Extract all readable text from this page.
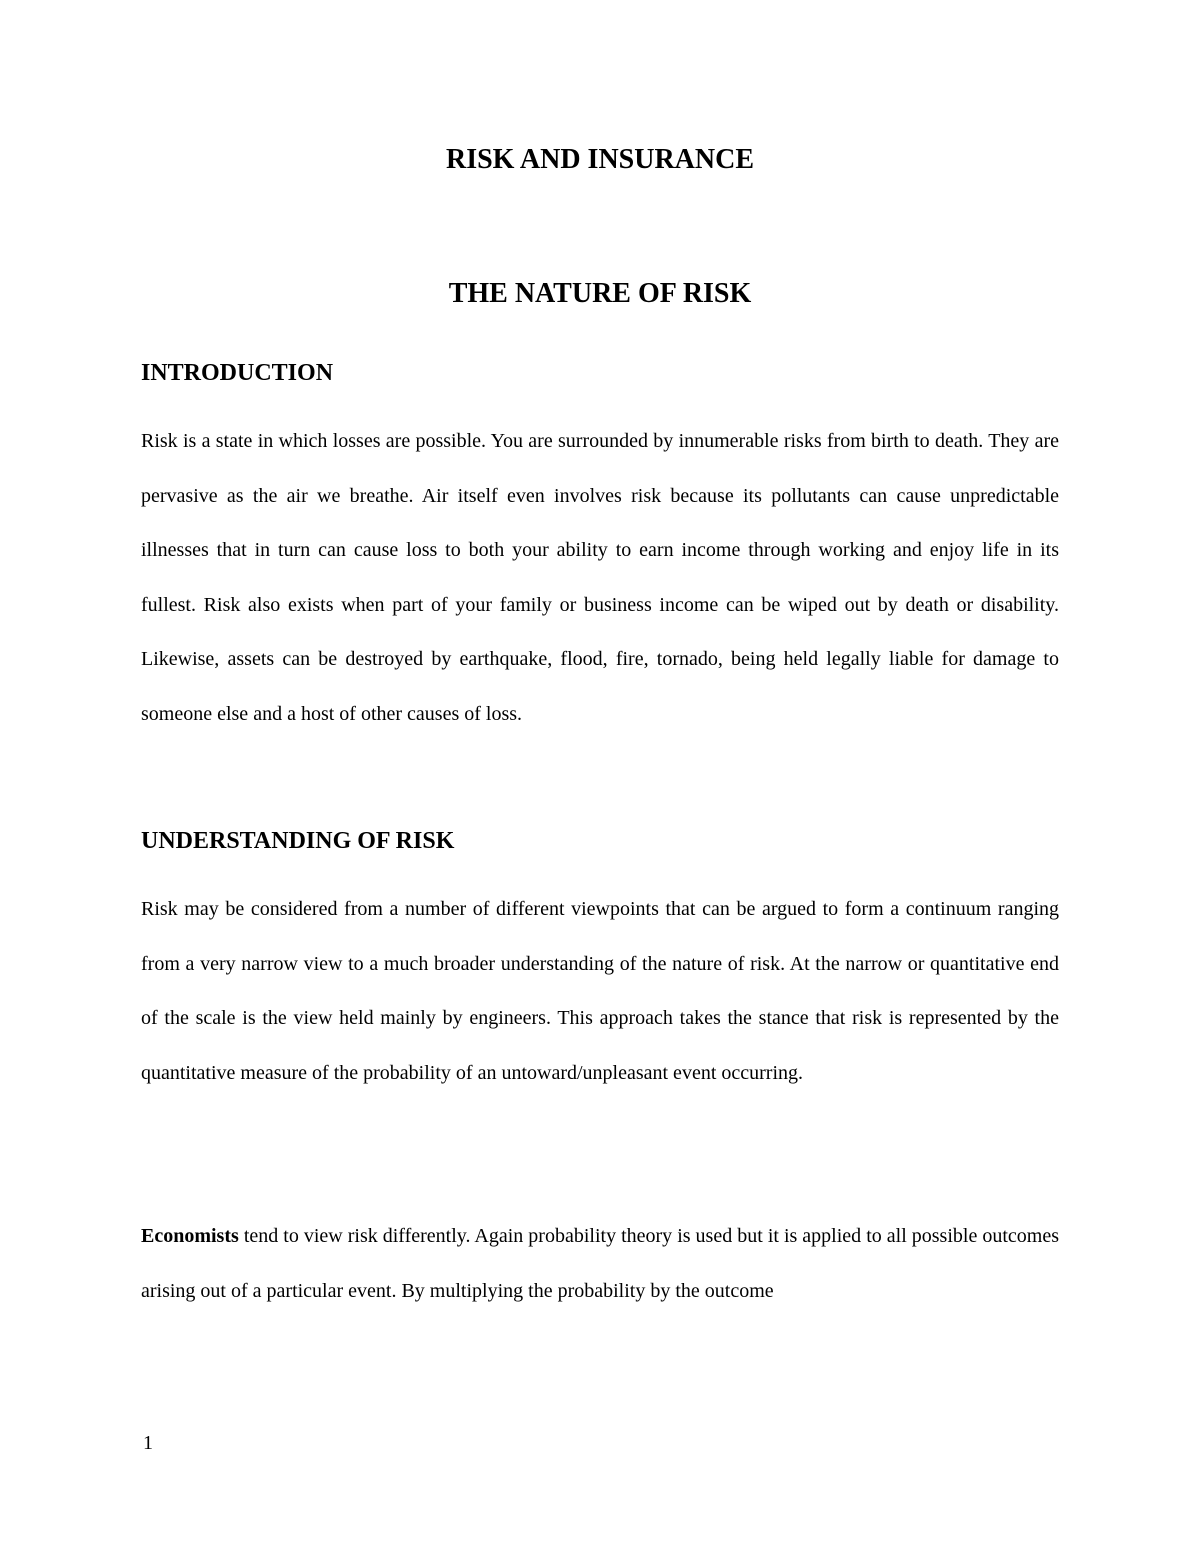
RISK AND INSURANCE
THE NATURE OF RISK
INTRODUCTION

Risk is a state in which losses are possible. You are surrounded by innumerable risks from birth to death. They are pervasive as the air we breathe. Air itself even involves risk because its pollutants can cause unpredictable illnesses that in turn can cause loss to both your ability to earn income through working and enjoy life in its fullest. Risk also exists when part of your family or business income can be wiped out by death or disability. Likewise, assets can be destroyed by earthquake, flood, fire, tornado, being held legally liable for damage to someone else and a host of other causes of loss.

UNDERSTANDING OF RISK

Risk may be considered from a number of different viewpoints that can be argued to form a continuum ranging from a very narrow view to a much broader understanding of the nature of risk. At the narrow or quantitative end of the scale is the view held mainly by engineers. This approach takes the stance that risk is represented by the quantitative measure of the probability of an untoward/unpleasant event occurring.

Economists tend to view risk differently. Again probability theory is used but it is applied to all possible outcomes arising out of a particular event. By multiplying the probability by the outcome

1
